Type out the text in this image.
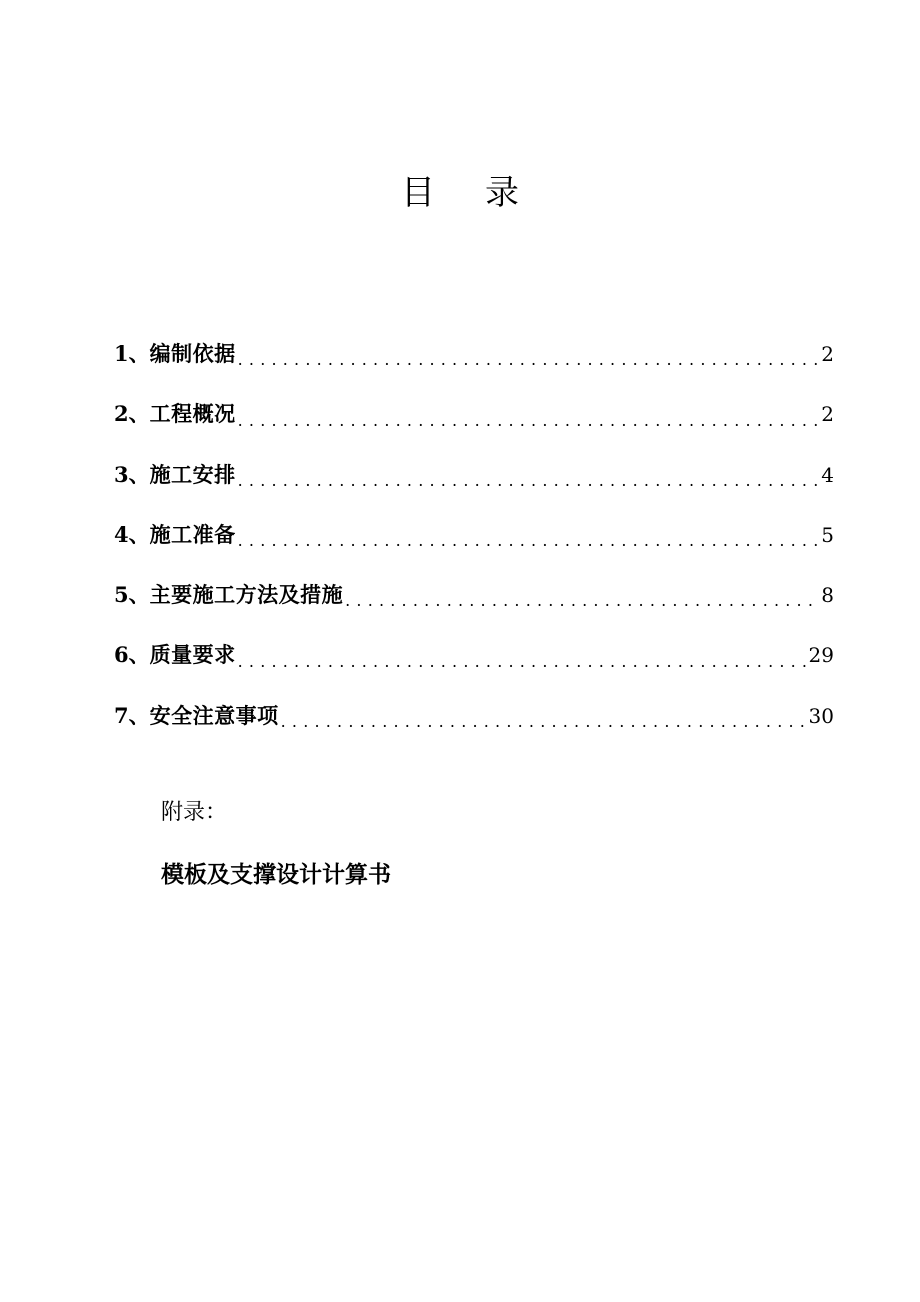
目 录
1、 编制依据 .....	2
2、 工程概况 .....	2
3、 施工安排 .....	4
4、 施工准备 .....	5
5、 主要施工方法及措施 .....	8
6、 质量要求 .....	29
7、 安全注意事项 .....	30
附录：
模板及支撑设计计算书
